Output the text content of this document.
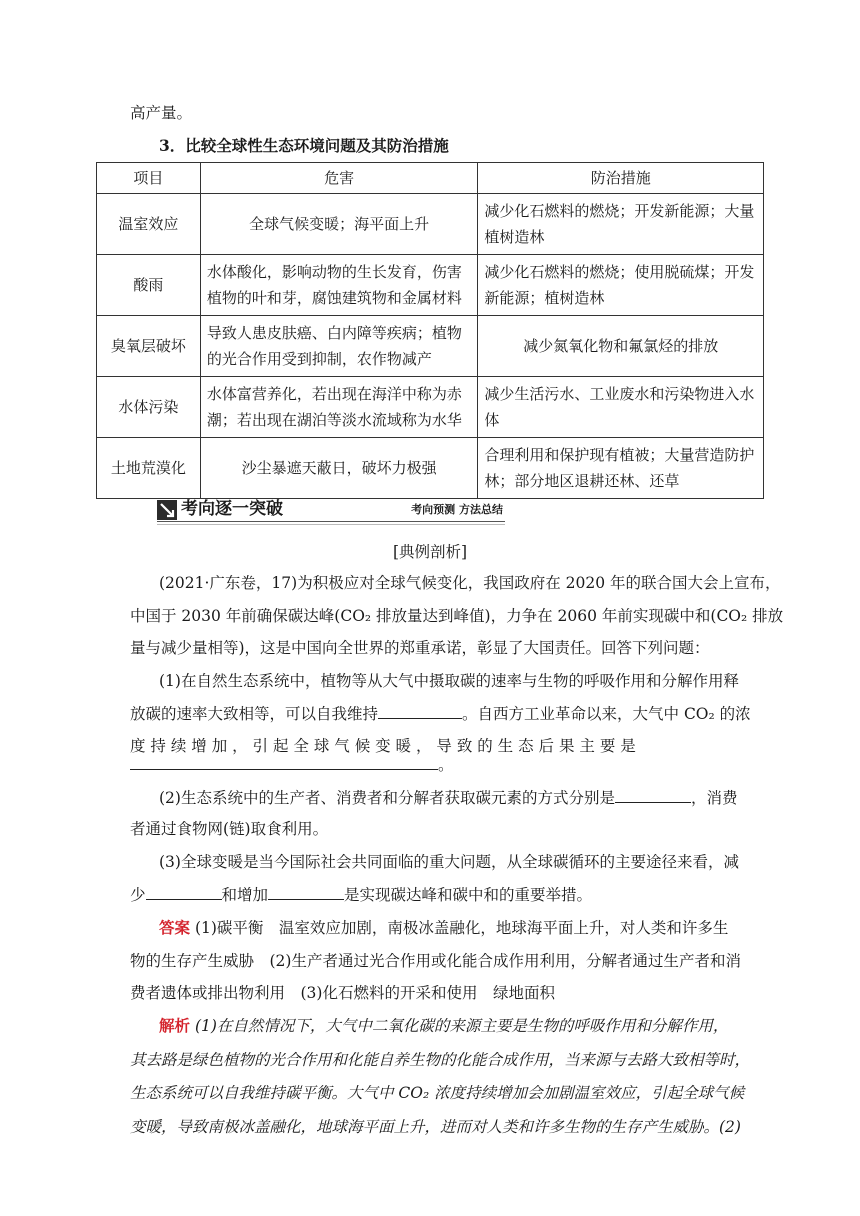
高产量。
3．比较全球性生态环境问题及其防治措施
项目	危害	防治措施
温室效应	全球气候变暖；海平面上升	减少化石燃料的燃烧；开发新能源；大量植树造林
酸雨	水体酸化，影响动物的生长发育，伤害植物的叶和芽，腐蚀建筑物和金属材料	减少化石燃料的燃烧；使用脱硫煤；开发新能源；植树造林
臭氧层破坏	导致人患皮肤癌、白内障等疾病；植物的光合作用受到抑制，农作物减产	减少氮氧化物和氟氯烃的排放
水体污染	水体富营养化，若出现在海洋中称为赤潮；若出现在湖泊等淡水流域称为水华	减少生活污水、工业废水和污染物进入水体
土地荒漠化	沙尘暴遮天蔽日，破坏力极强	合理利用和保护现有植被；大量营造防护林；部分地区退耕还林、还草
考向逐一突破	考向预测 方法总结
[典例剖析]
(2021·广东卷，17)为积极应对全球气候变化，我国政府在 2020 年的联合国大会上宣布，
中国于 2030 年前确保碳达峰(CO₂ 排放量达到峰值)，力争在 2060 年前实现碳中和(CO₂ 排放
量与减少量相等)，这是中国向全世界的郑重承诺，彰显了大国责任。回答下列问题：
(1)在自然生态系统中，植物等从大气中摄取碳的速率与生物的呼吸作用和分解作用释
放碳的速率大致相等，可以自我维持	。自西方工业革命以来，大气中 CO₂ 的浓
度 持 续 增 加 ， 引 起 全 球 气 候 变 暖 ， 导 致 的 生 态 后 果 主 要 是
。
(2)生态系统中的生产者、消费者和分解者获取碳元素的方式分别是	，消费
者通过食物网(链)取食利用。
(3)全球变暖是当今国际社会共同面临的重大问题，从全球碳循环的主要途径来看，减
少	和增加	是实现碳达峰和碳中和的重要举措。
答案 (1)碳平衡　温室效应加剧，南极冰盖融化，地球海平面上升，对人类和许多生
物的生存产生威胁　(2)生产者通过光合作用或化能合成作用利用，分解者通过生产者和消
费者遗体或排出物利用　(3)化石燃料的开采和使用　绿地面积
解析 (1)在自然情况下，大气中二氧化碳的来源主要是生物的呼吸作用和分解作用，
其去路是绿色植物的光合作用和化能自养生物的化能合成作用，当来源与去路大致相等时，
生态系统可以自我维持碳平衡。大气中 CO₂ 浓度持续增加会加剧温室效应，引起全球气候
变暖，导致南极冰盖融化，地球海平面上升，进而对人类和许多生物的生存产生威胁。(2)
